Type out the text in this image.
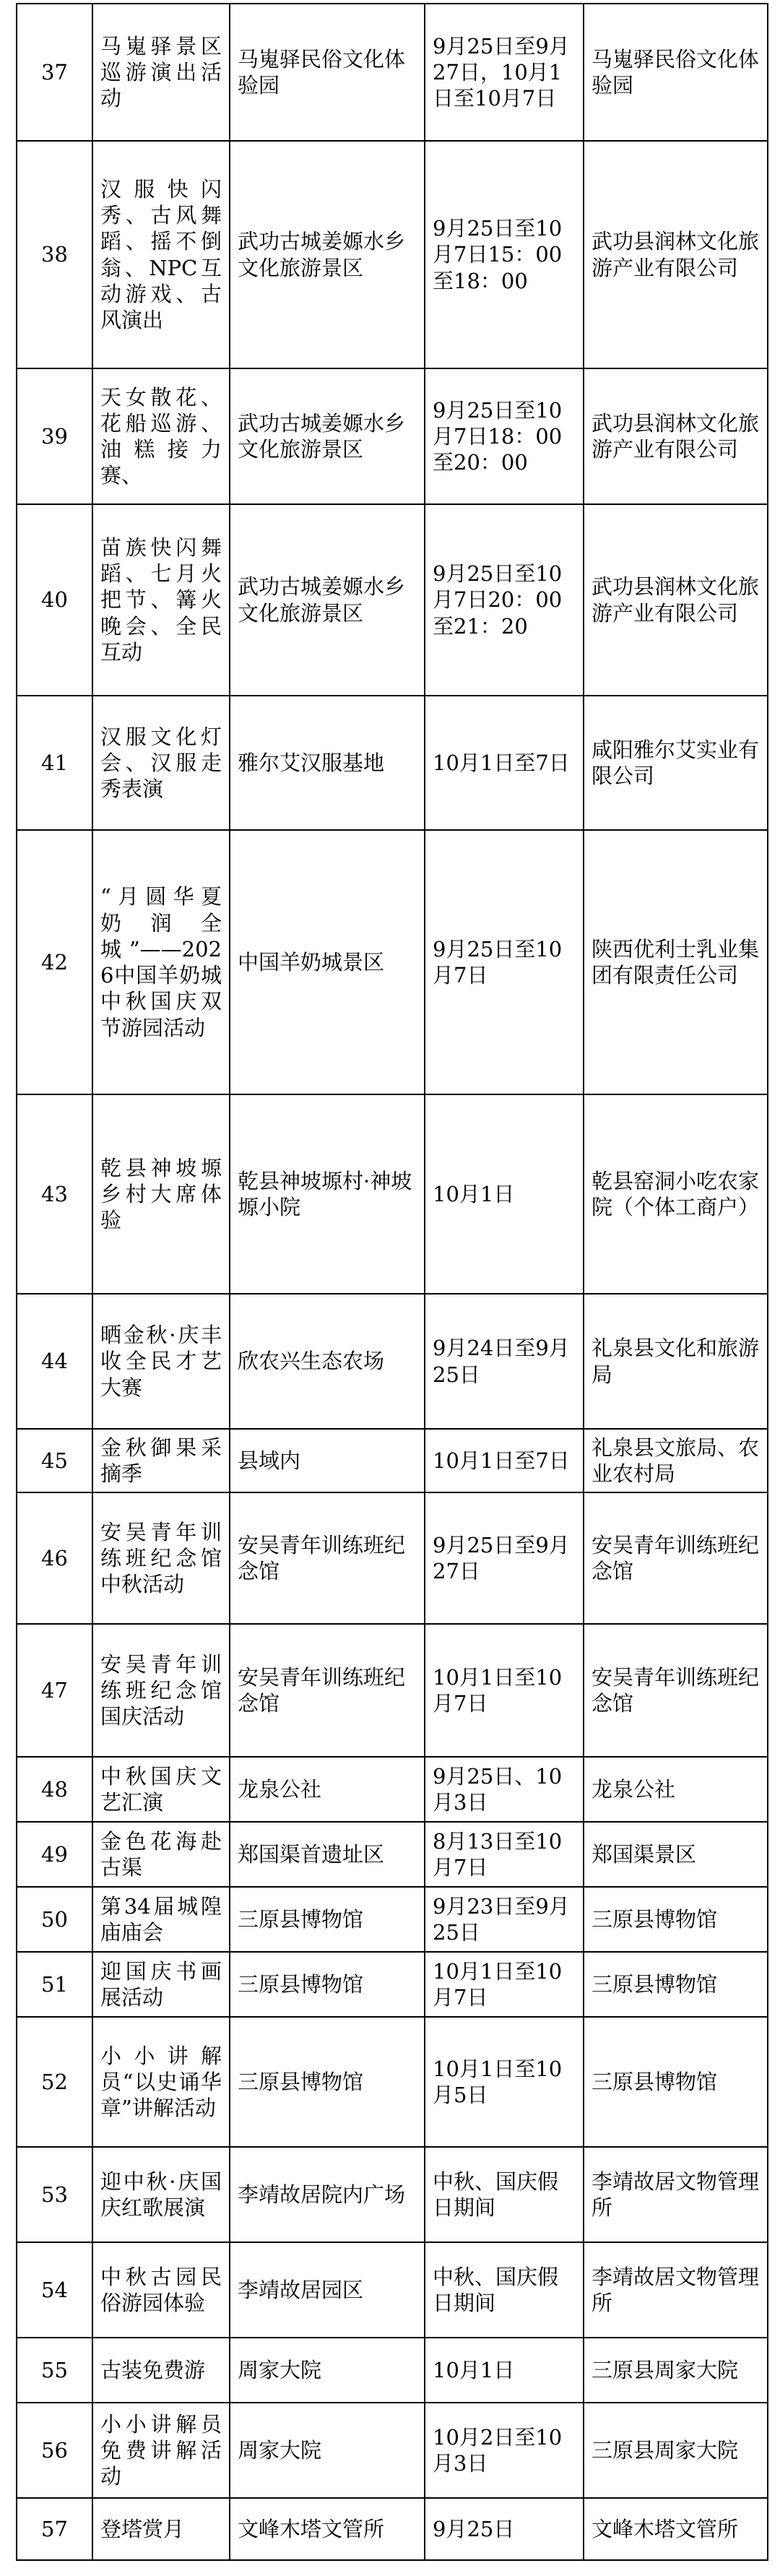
37	马嵬驿景区巡游演出活动	马嵬驿民俗文化体验园	9月25日至9月27日，10月1日至10月7日	马嵬驿民俗文化体验园
38	汉服快闪秀、古风舞蹈、摇不倒翁、NPC互动游戏、古风演出	武功古城姜嫄水乡文化旅游景区	9月25日至10月7日15：00至18：00	武功县润林文化旅游产业有限公司
39	天女散花、花船巡游、油糕接力赛、	武功古城姜嫄水乡文化旅游景区	9月25日至10月7日18：00至20：00	武功县润林文化旅游产业有限公司
40	苗族快闪舞蹈、七月火把节、篝火晚会、全民互动	武功古城姜嫄水乡文化旅游景区	9月25日至10月7日20：00至21：20	武功县润林文化旅游产业有限公司
41	汉服文化灯会、汉服走秀表演	雅尔艾汉服基地	10月1日至7日	咸阳雅尔艾实业有限公司
42	“月圆华夏 奶润全城”——2026中国羊奶城中秋国庆双节游园活动	中国羊奶城景区	9月25日至10月7日	陕西优利士乳业集团有限责任公司
43	乾县神坡塬乡村大席体验	乾县神坡塬村·神坡塬小院	10月1日	乾县窑洞小吃农家院（个体工商户）
44	晒金秋·庆丰收全民才艺大赛	欣农兴生态农场	9月24日至9月25日	礼泉县文化和旅游局
45	金秋御果采摘季	县域内	10月1日至7日	礼泉县文旅局、农业农村局
46	安吴青年训练班纪念馆中秋活动	安吴青年训练班纪念馆	9月25日至9月27日	安吴青年训练班纪念馆
47	安吴青年训练班纪念馆国庆活动	安吴青年训练班纪念馆	10月1日至10月7日	安吴青年训练班纪念馆
48	中秋国庆文艺汇演	龙泉公社	9月25日、10月3日	龙泉公社
49	金色花海赴古渠	郑国渠首遗址区	8月13日至10月7日	郑国渠景区
50	第34届城隍庙庙会	三原县博物馆	9月23日至9月25日	三原县博物馆
51	迎国庆书画展活动	三原县博物馆	10月1日至10月7日	三原县博物馆
52	小小讲解员“以史诵华章”讲解活动	三原县博物馆	10月1日至10月5日	三原县博物馆
53	迎中秋·庆国庆红歌展演	李靖故居院内广场	中秋、国庆假日期间	李靖故居文物管理所
54	中秋古园民俗游园体验	李靖故居园区	中秋、国庆假日期间	李靖故居文物管理所
55	古装免费游	周家大院	10月1日	三原县周家大院
56	小小讲解员免费讲解活动	周家大院	10月2日至10月3日	三原县周家大院
57	登塔赏月	文峰木塔文管所	9月25日	文峰木塔文管所
